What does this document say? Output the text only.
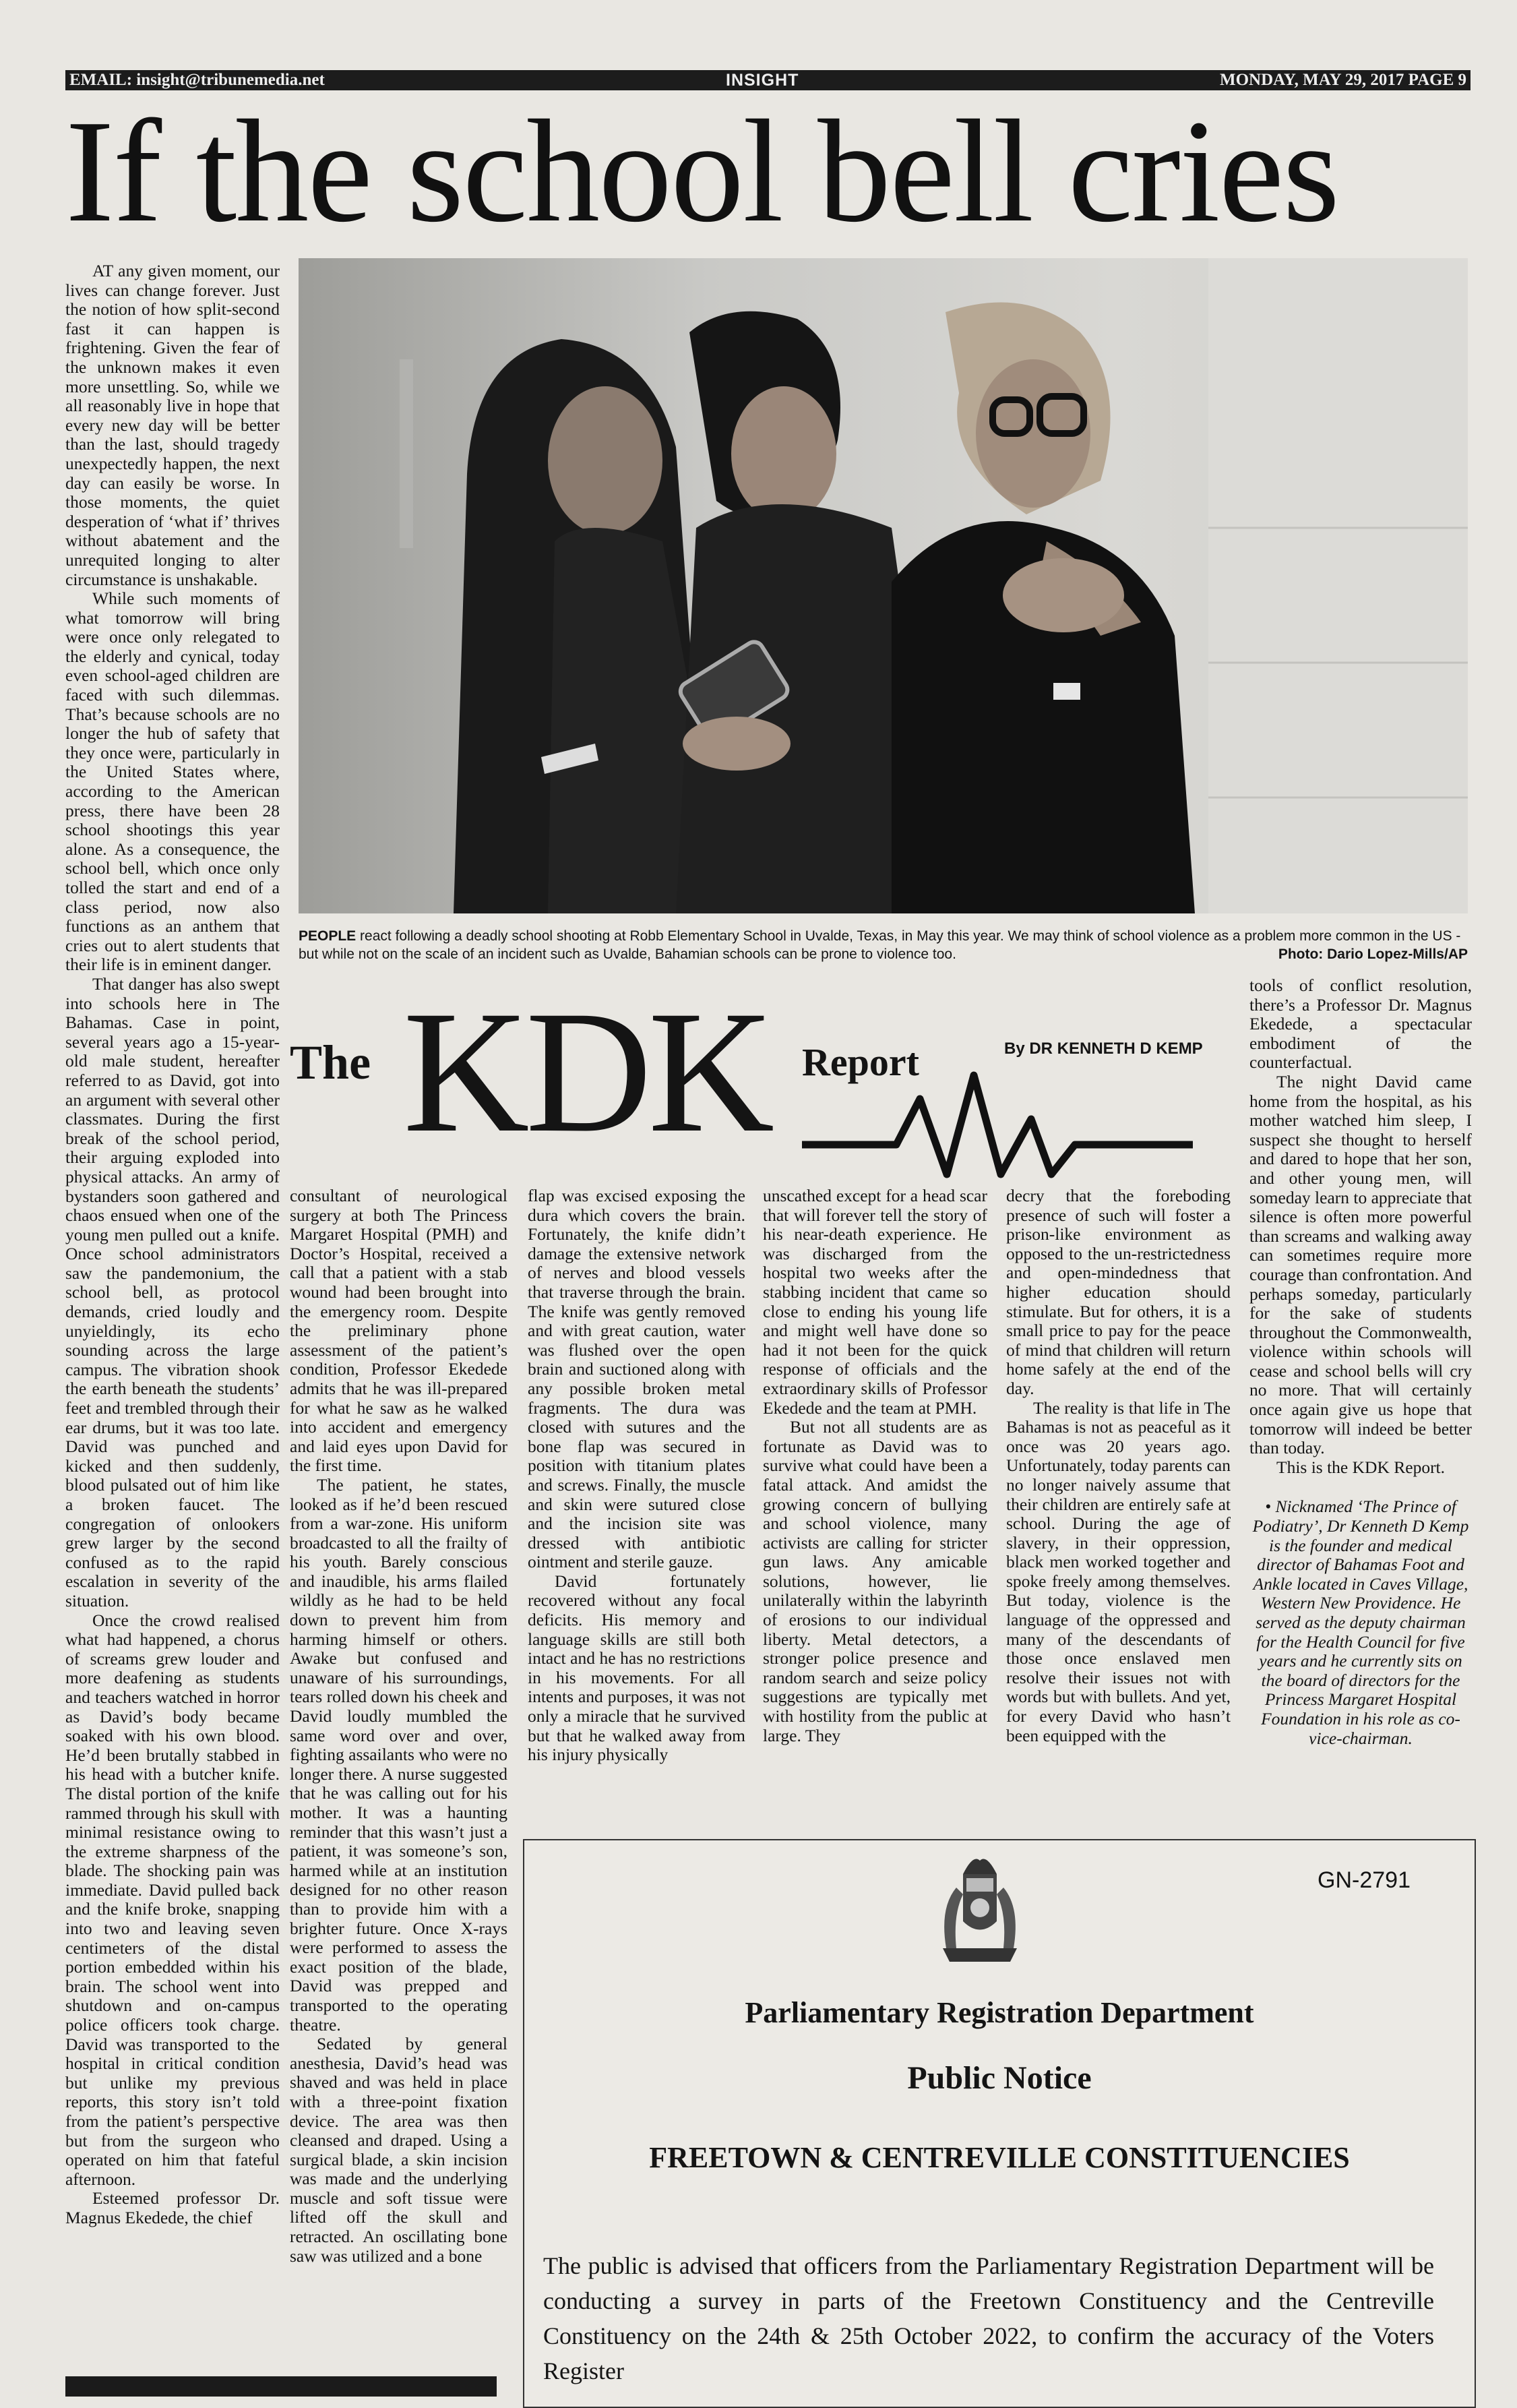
EMAIL: insight@tribunemedia.net	INSIGHT	MONDAY, MAY 29, 2017 PAGE 9
If the school bell cries

AT any given moment, our lives can change forever. Just the notion of how split-second fast it can happen is frightening. Given the fear of the unknown makes it even more unsettling. So, while we all reasonably live in hope that every new day will be better than the last, should tragedy unexpectedly happen, the next day can easily be worse. In those moments, the quiet desperation of ‘what if’ thrives without abatement and the unrequited longing to alter circumstance is unshakable.

While such moments of what tomorrow will bring were once only relegated to the elderly and cynical, today even school-aged children are faced with such dilemmas. That’s because schools are no longer the hub of safety that they once were, particularly in the United States where, according to the American press, there have been 28 school shootings this year alone. As a consequence, the school bell, which once only tolled the start and end of a class period, now also functions as an anthem that cries out to alert students that their life is in eminent danger.

That danger has also swept into schools here in The Bahamas. Case in point, several years ago a 15-year-old male student, hereafter referred to as David, got into an argument with several other classmates. During the first break of the school period, their arguing exploded into physical attacks. An army of bystanders soon gathered and chaos ensued when one of the young men pulled out a knife. Once school administrators saw the pandemonium, the school bell, as protocol demands, cried loudly and unyieldingly, its echo sounding across the large campus. The vibration shook the earth beneath the students’ feet and trembled through their ear drums, but it was too late. David was punched and kicked and then suddenly, blood pulsated out of him like a broken faucet. The congregation of onlookers grew larger by the second confused as to the rapid escalation in severity of the situation.

Once the crowd realised what had happened, a chorus of screams grew louder and more deafening as students and teachers watched in horror as David’s body became soaked with his own blood. He’d been brutally stabbed in his head with a butcher knife. The distal portion of the knife rammed through his skull with minimal resistance owing to the extreme sharpness of the blade. The shocking pain was immediate. David pulled back and the knife broke, snapping into two and leaving seven centimeters of the distal portion embedded within his brain. The school went into shutdown and on-campus police officers took charge. David was transported to the hospital in critical condition but unlike my previous reports, this story isn’t told from the patient’s perspective but from the surgeon who operated on him that fateful afternoon.

Esteemed professor Dr. Magnus Ekedede, the chief

PEOPLE react following a deadly school shooting at Robb Elementary School in Uvalde, Texas, in May this year. We may think of school violence as a problem more common in the US - but while not on the scale of an incident such as Uvalde, Bahamian schools can be prone to violence too.	Photo: Dario Lopez-Mills/AP
The KDK Report	By DR KENNETH D KEMP

consultant of neurological surgery at both The Princess Margaret Hospital (PMH) and Doctor’s Hospital, received a call that a patient with a stab wound had been brought into the emergency room. Despite the preliminary phone assessment of the patient’s condition, Professor Ekedede admits that he was ill-prepared for what he saw as he walked into accident and emergency and laid eyes upon David for the first time.

The patient, he states, looked as if he’d been rescued from a war-zone. His uniform broadcasted to all the frailty of his youth. Barely conscious and inaudible, his arms flailed wildly as he had to be held down to prevent him from harming himself or others. Awake but confused and unaware of his surroundings, tears rolled down his cheek and David loudly mumbled the same word over and over, fighting assailants who were no longer there. A nurse suggested that he was calling out for his mother. It was a haunting reminder that this wasn’t just a patient, it was someone’s son, harmed while at an institution designed for no other reason than to provide him with a brighter future. Once X-rays were performed to assess the exact position of the blade, David was prepped and transported to the operating theatre.

Sedated by general anesthesia, David’s head was shaved and was held in place with a three-point fixation device. The area was then cleansed and draped. Using a surgical blade, a skin incision was made and the underlying muscle and soft tissue were lifted off the skull and retracted. An oscillating bone saw was utilized and a bone

flap was excised exposing the dura which covers the brain. Fortunately, the knife didn’t damage the extensive network of nerves and blood vessels that traverse through the brain. The knife was gently removed and with great caution, water was flushed over the open brain and suctioned along with any possible broken metal fragments. The dura was closed with sutures and the bone flap was secured in position with titanium plates and screws. Finally, the muscle and skin were sutured close and the incision site was dressed with antibiotic ointment and sterile gauze.

David fortunately recovered without any focal deficits. His memory and language skills are still both intact and he has no restrictions in his movements. For all intents and purposes, it was not only a miracle that he survived but that he walked away from his injury physically

unscathed except for a head scar that will forever tell the story of his near-death experience. He was discharged from the hospital two weeks after the stabbing incident that came so close to ending his young life and might well have done so had it not been for the quick response of officials and the extraordinary skills of Professor Ekedede and the team at PMH.

But not all students are as fortunate as David was to survive what could have been a fatal attack. And amidst the growing concern of bullying and school violence, many activists are calling for stricter gun laws. Any amicable solutions, however, lie unilaterally within the labyrinth of erosions to our individual liberty. Metal detectors, a stronger police presence and random search and seize policy suggestions are typically met with hostility from the public at large. They

decry that the foreboding presence of such will foster a prison-like environment as opposed to the un-restrictedness and open-mindedness that higher education should stimulate. But for others, it is a small price to pay for the peace of mind that children will return home safely at the end of the day.

The reality is that life in The Bahamas is not as peaceful as it once was 20 years ago. Unfortunately, today parents can no longer naively assume that their children are entirely safe at school. During the age of slavery, in their oppression, black men worked together and spoke freely among themselves. But today, violence is the language of the oppressed and many of the descendants of those once enslaved men resolve their issues not with words but with bullets. And yet, for every David who hasn’t been equipped with the

tools of conflict resolution, there’s a Professor Dr. Magnus Ekedede, a spectacular embodiment of the counterfactual.

The night David came home from the hospital, as his mother watched him sleep, I suspect she thought to herself and dared to hope that her son, and other young men, will someday learn to appreciate that silence is often more powerful than screams and walking away can sometimes require more courage than confrontation. And perhaps someday, particularly for the sake of students throughout the Commonwealth, violence within schools will cease and school bells will cry no more. That will certainly once again give us hope that tomorrow will indeed be better than today.

This is the KDK Report.

• Nicknamed ‘The Prince of Podiatry’, Dr Kenneth D Kemp is the founder and medical director of Bahamas Foot and Ankle located in Caves Village, Western New Providence. He served as the deputy chairman for the Health Council for five years and he currently sits on the board of directors for the Princess Margaret Hospital Foundation in his role as co-vice-chairman.

GN-2791
Parliamentary Registration Department
Public Notice
FREETOWN & CENTREVILLE CONSTITUENCIES
The public is advised that officers from the Parliamentary Registration Department will be conducting a survey in parts of the Freetown Constituency and the Centreville Constituency on the 24th & 25th October 2022, to confirm the accuracy of the Voters Register
